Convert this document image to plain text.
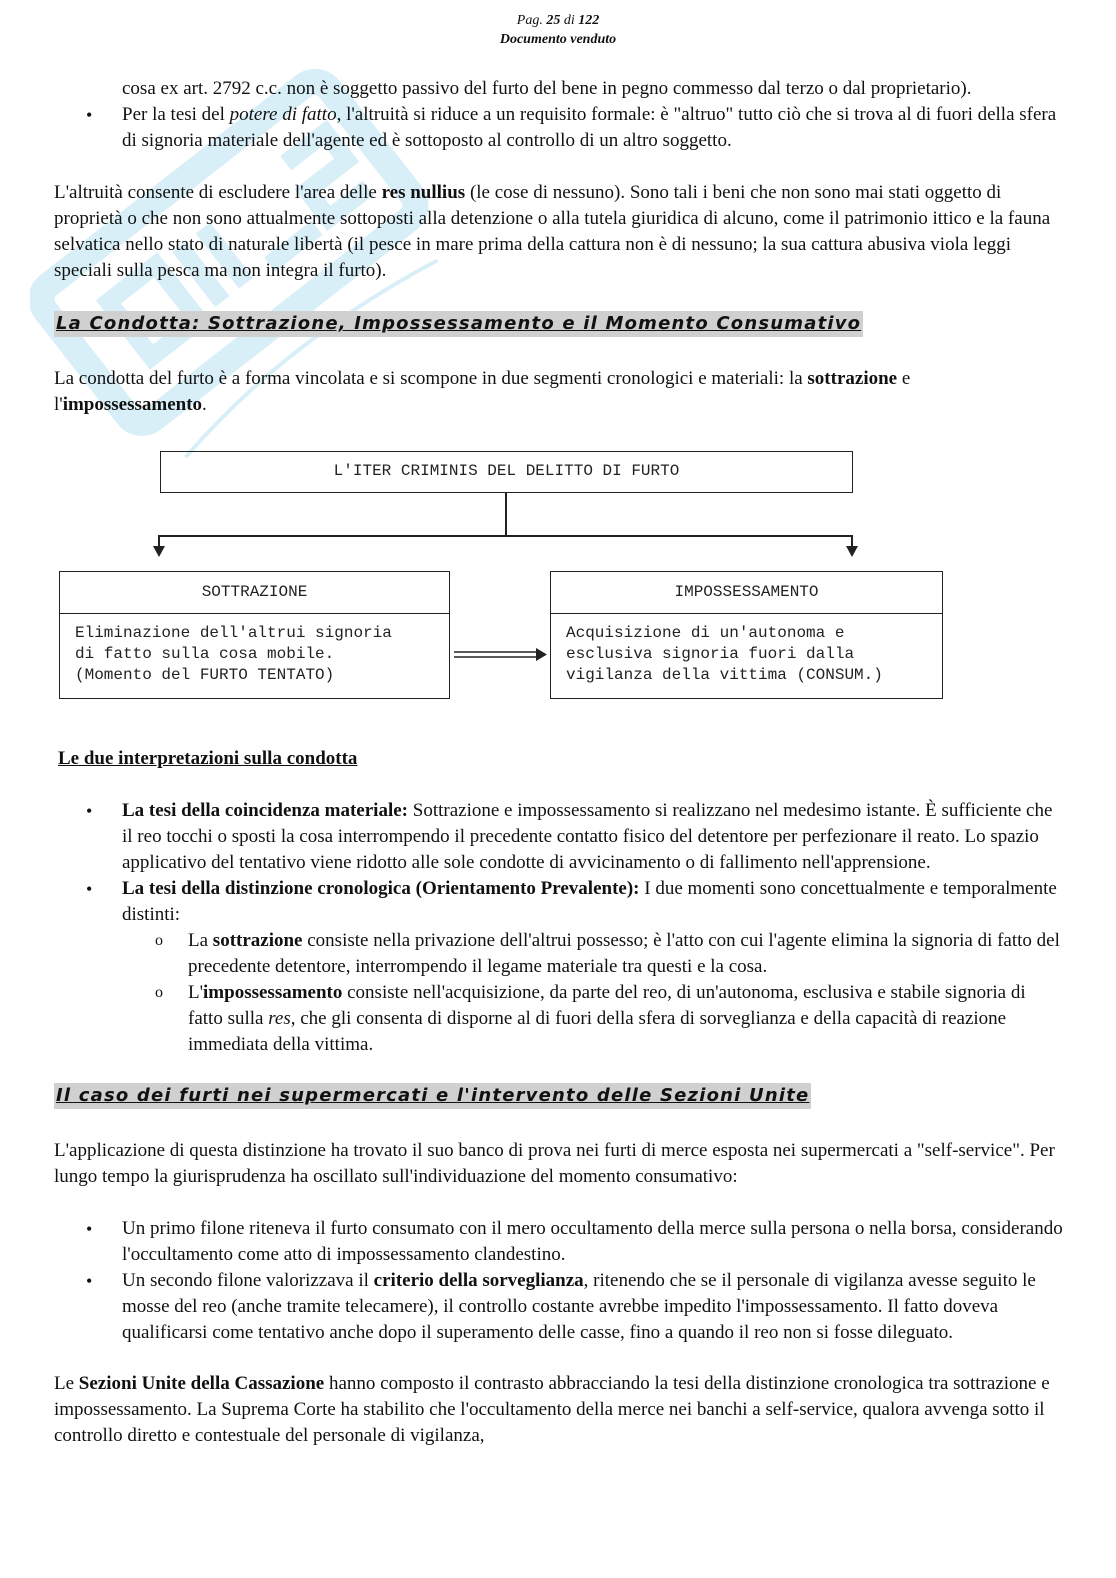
Pag. 25 di 122
Documento venduto

cosa ex art. 2792 c.c. non è soggetto passivo del furto del bene in pegno commesso dal terzo o dal proprietario).

• Per la tesi del potere di fatto, l'altruità si riduce a un requisito formale: è "altruo" tutto ciò che si trova al di fuori della sfera di signoria materiale dell'agente ed è sottoposto al controllo di un altro soggetto.

L'altruità consente di escludere l'area delle res nullius (le cose di nessuno). Sono tali i beni che non sono mai stati oggetto di proprietà o che non sono attualmente sottoposti alla detenzione o alla tutela giuridica di alcuno, come il patrimonio ittico e la fauna selvatica nello stato di naturale libertà (il pesce in mare prima della cattura non è di nessuno; la sua cattura abusiva viola leggi speciali sulla pesca ma non integra il furto).

La Condotta: Sottrazione, Impossessamento e il Momento Consumativo

La condotta del furto è a forma vincolata e si scompone in due segmenti cronologici e materiali: la sottrazione e l'impossessamento.

L'ITER CRIMINIS DEL DELITTO DI FURTO
SOTTRAZIONE
Eliminazione dell'altrui signoria
di fatto sulla cosa mobile.
(Momento del FURTO TENTATO)
IMPOSSESSAMENTO
Acquisizione di un'autonoma e
esclusiva signoria fuori dalla
vigilanza della vittima (CONSUM.)

Le due interpretazioni sulla condotta

• La tesi della coincidenza materiale: Sottrazione e impossessamento si realizzano nel medesimo istante. È sufficiente che il reo tocchi o sposti la cosa interrompendo il precedente contatto fisico del detentore per perfezionare il reato. Lo spazio applicativo del tentativo viene ridotto alle sole condotte di avvicinamento o di fallimento nell'apprensione.
• La tesi della distinzione cronologica (Orientamento Prevalente): I due momenti sono concettualmente e temporalmente distinti:
o La sottrazione consiste nella privazione dell'altrui possesso; è l'atto con cui l'agente elimina la signoria di fatto del precedente detentore, interrompendo il legame materiale tra questi e la cosa.
o L'impossessamento consiste nell'acquisizione, da parte del reo, di un'autonoma, esclusiva e stabile signoria di fatto sulla res, che gli consenta di disporne al di fuori della sfera di sorveglianza e della capacità di reazione immediata della vittima.
Il caso dei furti nei supermercati e l'intervento delle Sezioni Unite

L'applicazione di questa distinzione ha trovato il suo banco di prova nei furti di merce esposta nei supermercati a "self-service". Per lungo tempo la giurisprudenza ha oscillato sull'individuazione del momento consumativo:

• Un primo filone riteneva il furto consumato con il mero occultamento della merce sulla persona o nella borsa, considerando l'occultamento come atto di impossessamento clandestino.
• Un secondo filone valorizzava il criterio della sorveglianza, ritenendo che se il personale di vigilanza avesse seguito le mosse del reo (anche tramite telecamere), il controllo costante avrebbe impedito l'impossessamento. Il fatto doveva qualificarsi come tentativo anche dopo il superamento delle casse, fino a quando il reo non si fosse dileguato.

Le Sezioni Unite della Cassazione hanno composto il contrasto abbracciando la tesi della distinzione cronologica tra sottrazione e impossessamento. La Suprema Corte ha stabilito che l'occultamento della merce nei banchi a self-service, qualora avvenga sotto il controllo diretto e contestuale del personale di vigilanza,
